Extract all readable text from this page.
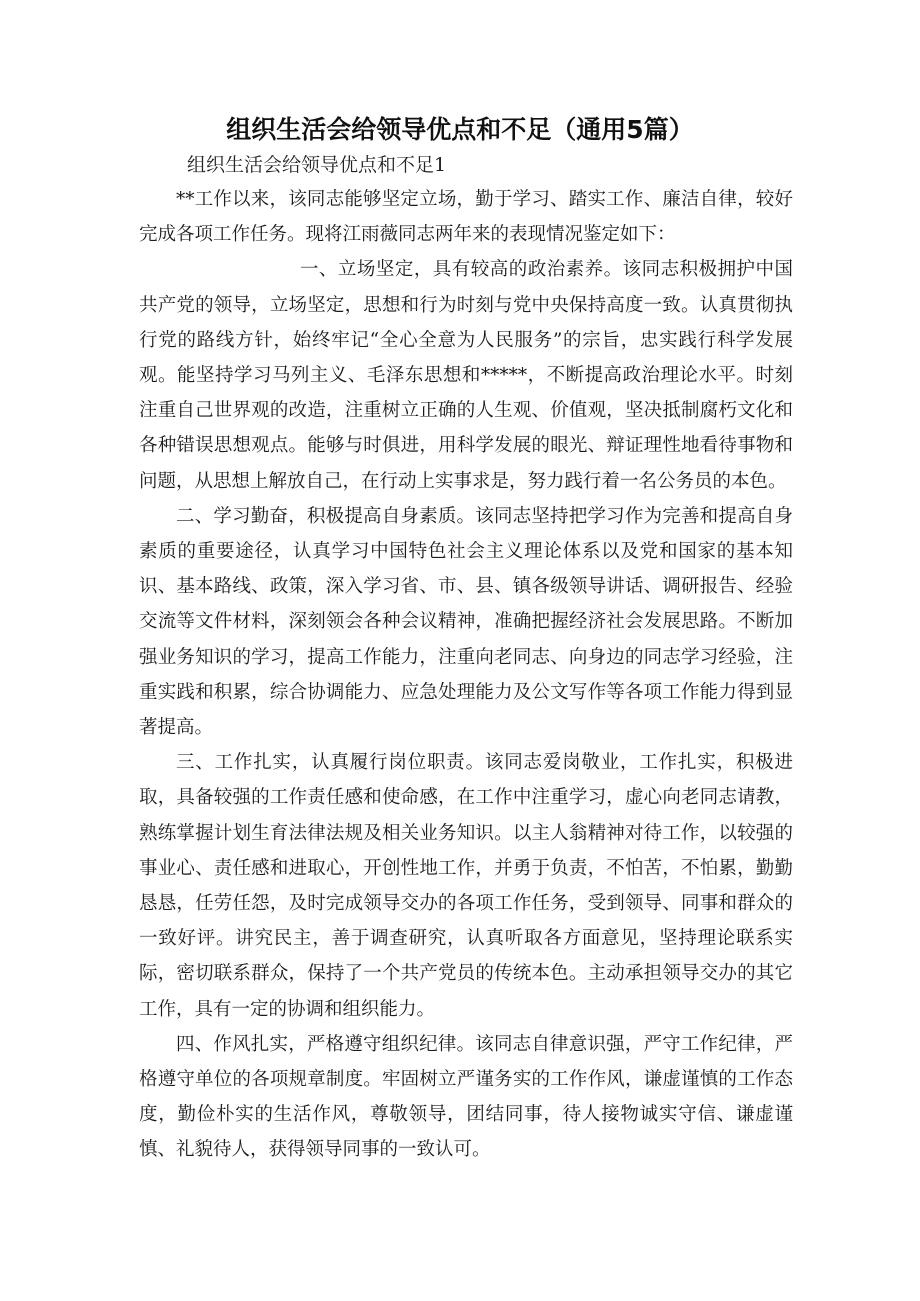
组织生活会给领导优点和不足（通用5篇）
组织生活会给领导优点和不足1

**工作以来，该同志能够坚定立场，勤于学习、踏实工作、廉洁自律，较好完成各项工作任务。现将江雨薇同志两年来的表现情况鉴定如下：

一、立场坚定，具有较高的政治素养。该同志积极拥护中国共产党的领导，立场坚定，思想和行为时刻与党中央保持高度一致。认真贯彻执行党的路线方针，始终牢记“全心全意为人民服务”的宗旨，忠实践行科学发展观。能坚持学习马列主义、毛泽东思想和*****，不断提高政治理论水平。时刻注重自己世界观的改造，注重树立正确的人生观、价值观，坚决抵制腐朽文化和各种错误思想观点。能够与时俱进，用科学发展的眼光、辩证理性地看待事物和问题，从思想上解放自己，在行动上实事求是，努力践行着一名公务员的本色。

二、学习勤奋，积极提高自身素质。该同志坚持把学习作为完善和提高自身素质的重要途径，认真学习中国特色社会主义理论体系以及党和国家的基本知识、基本路线、政策，深入学习省、市、县、镇各级领导讲话、调研报告、经验交流等文件材料，深刻领会各种会议精神，准确把握经济社会发展思路。不断加强业务知识的学习，提高工作能力，注重向老同志、向身边的同志学习经验，注重实践和积累，综合协调能力、应急处理能力及公文写作等各项工作能力得到显著提高。

三、工作扎实，认真履行岗位职责。该同志爱岗敬业，工作扎实，积极进取，具备较强的工作责任感和使命感，在工作中注重学习，虚心向老同志请教，熟练掌握计划生育法律法规及相关业务知识。以主人翁精神对待工作，以较强的事业心、责任感和进取心，开创性地工作，并勇于负责，不怕苦，不怕累，勤勤恳恳，任劳任怨，及时完成领导交办的各项工作任务，受到领导、同事和群众的一致好评。讲究民主，善于调查研究，认真听取各方面意见，坚持理论联系实际，密切联系群众，保持了一个共产党员的传统本色。主动承担领导交办的其它工作，具有一定的协调和组织能力。

四、作风扎实，严格遵守组织纪律。该同志自律意识强，严守工作纪律，严格遵守单位的各项规章制度。牢固树立严谨务实的工作作风，谦虚谨慎的工作态度，勤俭朴实的生活作风，尊敬领导，团结同事，待人接物诚实守信、谦虚谨慎、礼貌待人，获得领导同事的一致认可。
